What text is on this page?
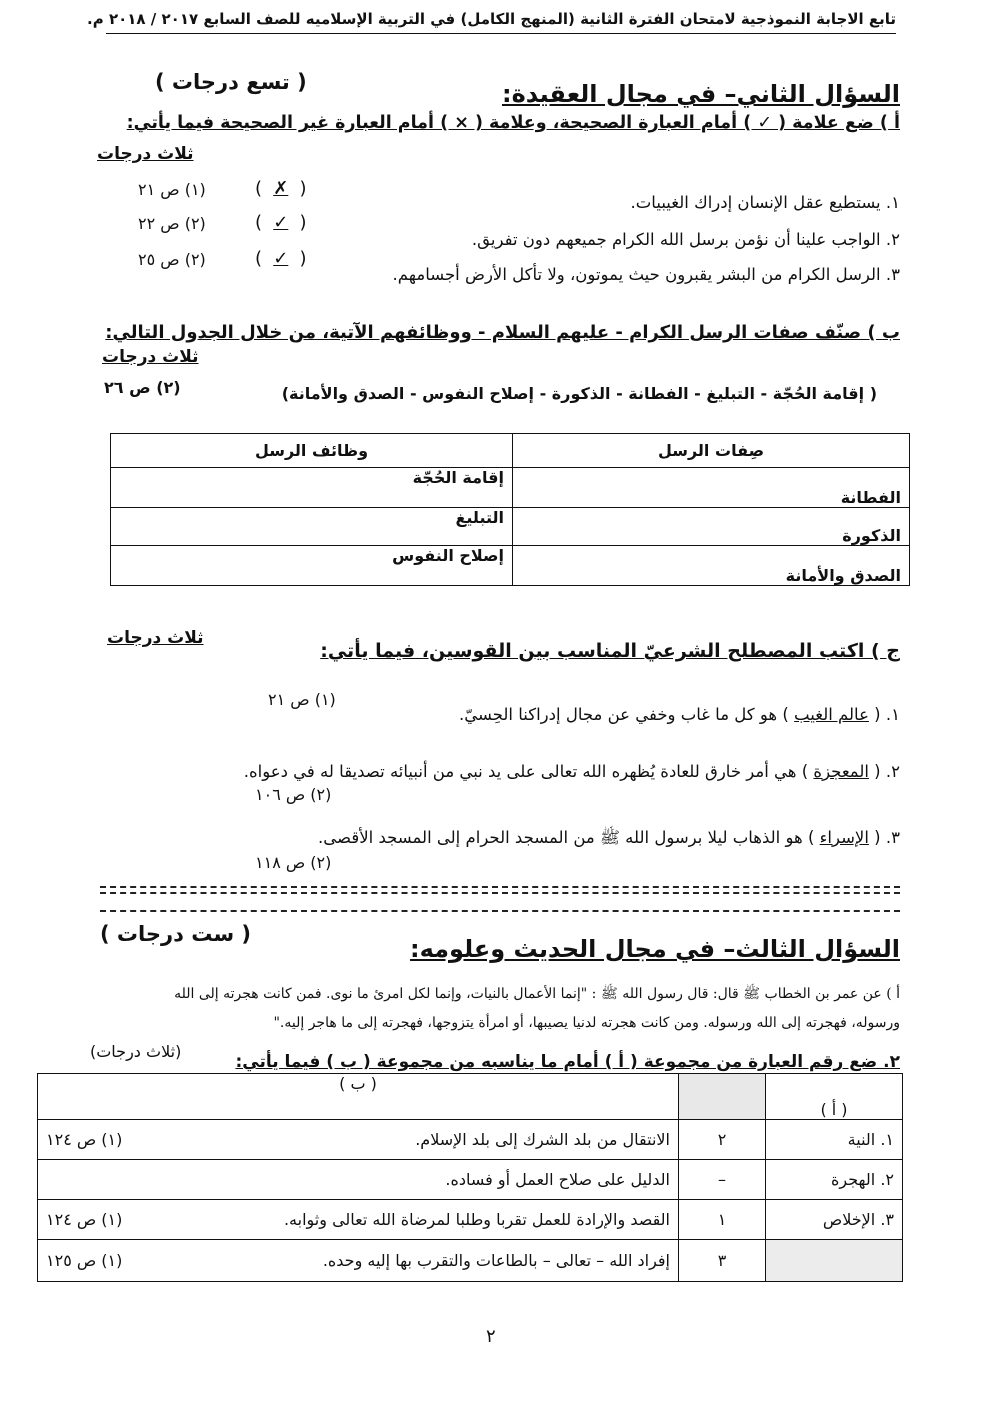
تابع الاجابة النموذجية لامتحان الفترة الثانية (المنهج الكامل) في التربية الإسلاميه للصف السابع ٢٠١٧ / ٢٠١٨ م.
السؤال الثاني– في مجال العقيدة:
( تسع درجات )
أ ) ضع علامة ( ✓ ) أمام العبارة الصحيحة، وعلامة ( × ) أمام العبارة غير الصحيحة فيما يأتي:
ثلاث درجات
١. يستطيع عقل الإنسان إدراك الغيبيات.
( ✗ )
(١) ص ٢١
٢. الواجب علينا أن نؤمن برسل الله الكرام جميعهم دون تفريق.
( ✓ )
(٢) ص ٢٢
٣. الرسل الكرام من البشر يقبرون حيث يموتون، ولا تأكل الأرض أجسامهم.
( ✓ )
(٢) ص ٢٥
ب ) صنّف صفات الرسل الكرام - عليهم السلام - ووظائفهم الآتية، من خلال الجدول التالي:
ثلاث درجات
( إقامة الحُجّة - التبليغ - الفطانة - الذكورة - إصلاح النفوس - الصدق والأمانة)
(٢) ص ٢٦
صِفات الرسل	وظائف الرسل
الفطانة	إقامة الحُجّة
الذكورة	التبليغ
الصدق والأمانة	إصلاح النفوس
ج ) اكتب المصطلح الشرعيّ المناسب بين القوسين، فيما يأتي:
ثلاث درجات
١. ( عالم الغيب ) هو كل ما غاب وخفي عن مجال إدراكنا الحِسيّ.
(١) ص ٢١
٢. ( المعجزة ) هي أمر خارق للعادة يُظهره الله تعالى على يد نبي من أنبيائه تصديقا له في دعواه.
(٢) ص ١٠٦
٣. ( الإسراء ) هو الذهاب ليلا برسول الله ﷺ من المسجد الحرام إلى المسجد الأقصى.
(٢) ص ١١٨
السؤال الثالث– في مجال الحديث وعلومه:
( ست درجات )
أ ) عن عمر بن الخطاب ﷺ قال: قال رسول الله ﷺ : "إنما الأعمال بالنيات، وإنما لكل امرئ ما نوى. فمن كانت هجرته إلى الله
ورسوله، فهجرته إلى الله ورسوله. ومن كانت هجرته لدنيا يصيبها، أو امرأة يتزوجها، فهجرته إلى ما هاجر إليه."
٢. ضع رقم العبارة من مجموعة ( أ ) أمام ما يناسبه من مجموعة ( ب ) فيما يأتي:
(ثلاث درجات)
( أ )		( ب )
١. النية	٢	الانتقال من بلد الشرك إلى بلد الإسلام.
(١) ص ١٢٤

٢. الهجرة	–	الدليل على صلاح العمل أو فساده.

٣. الإخلاص	١	القصد والإرادة للعمل تقربا وطلبا لمرضاة الله تعالى وثوابه.
(١) ص ١٢٤

	٣	إفراد الله – تعالى – بالطاعات والتقرب بها إليه وحده.
(١) ص ١٢٥
٢
